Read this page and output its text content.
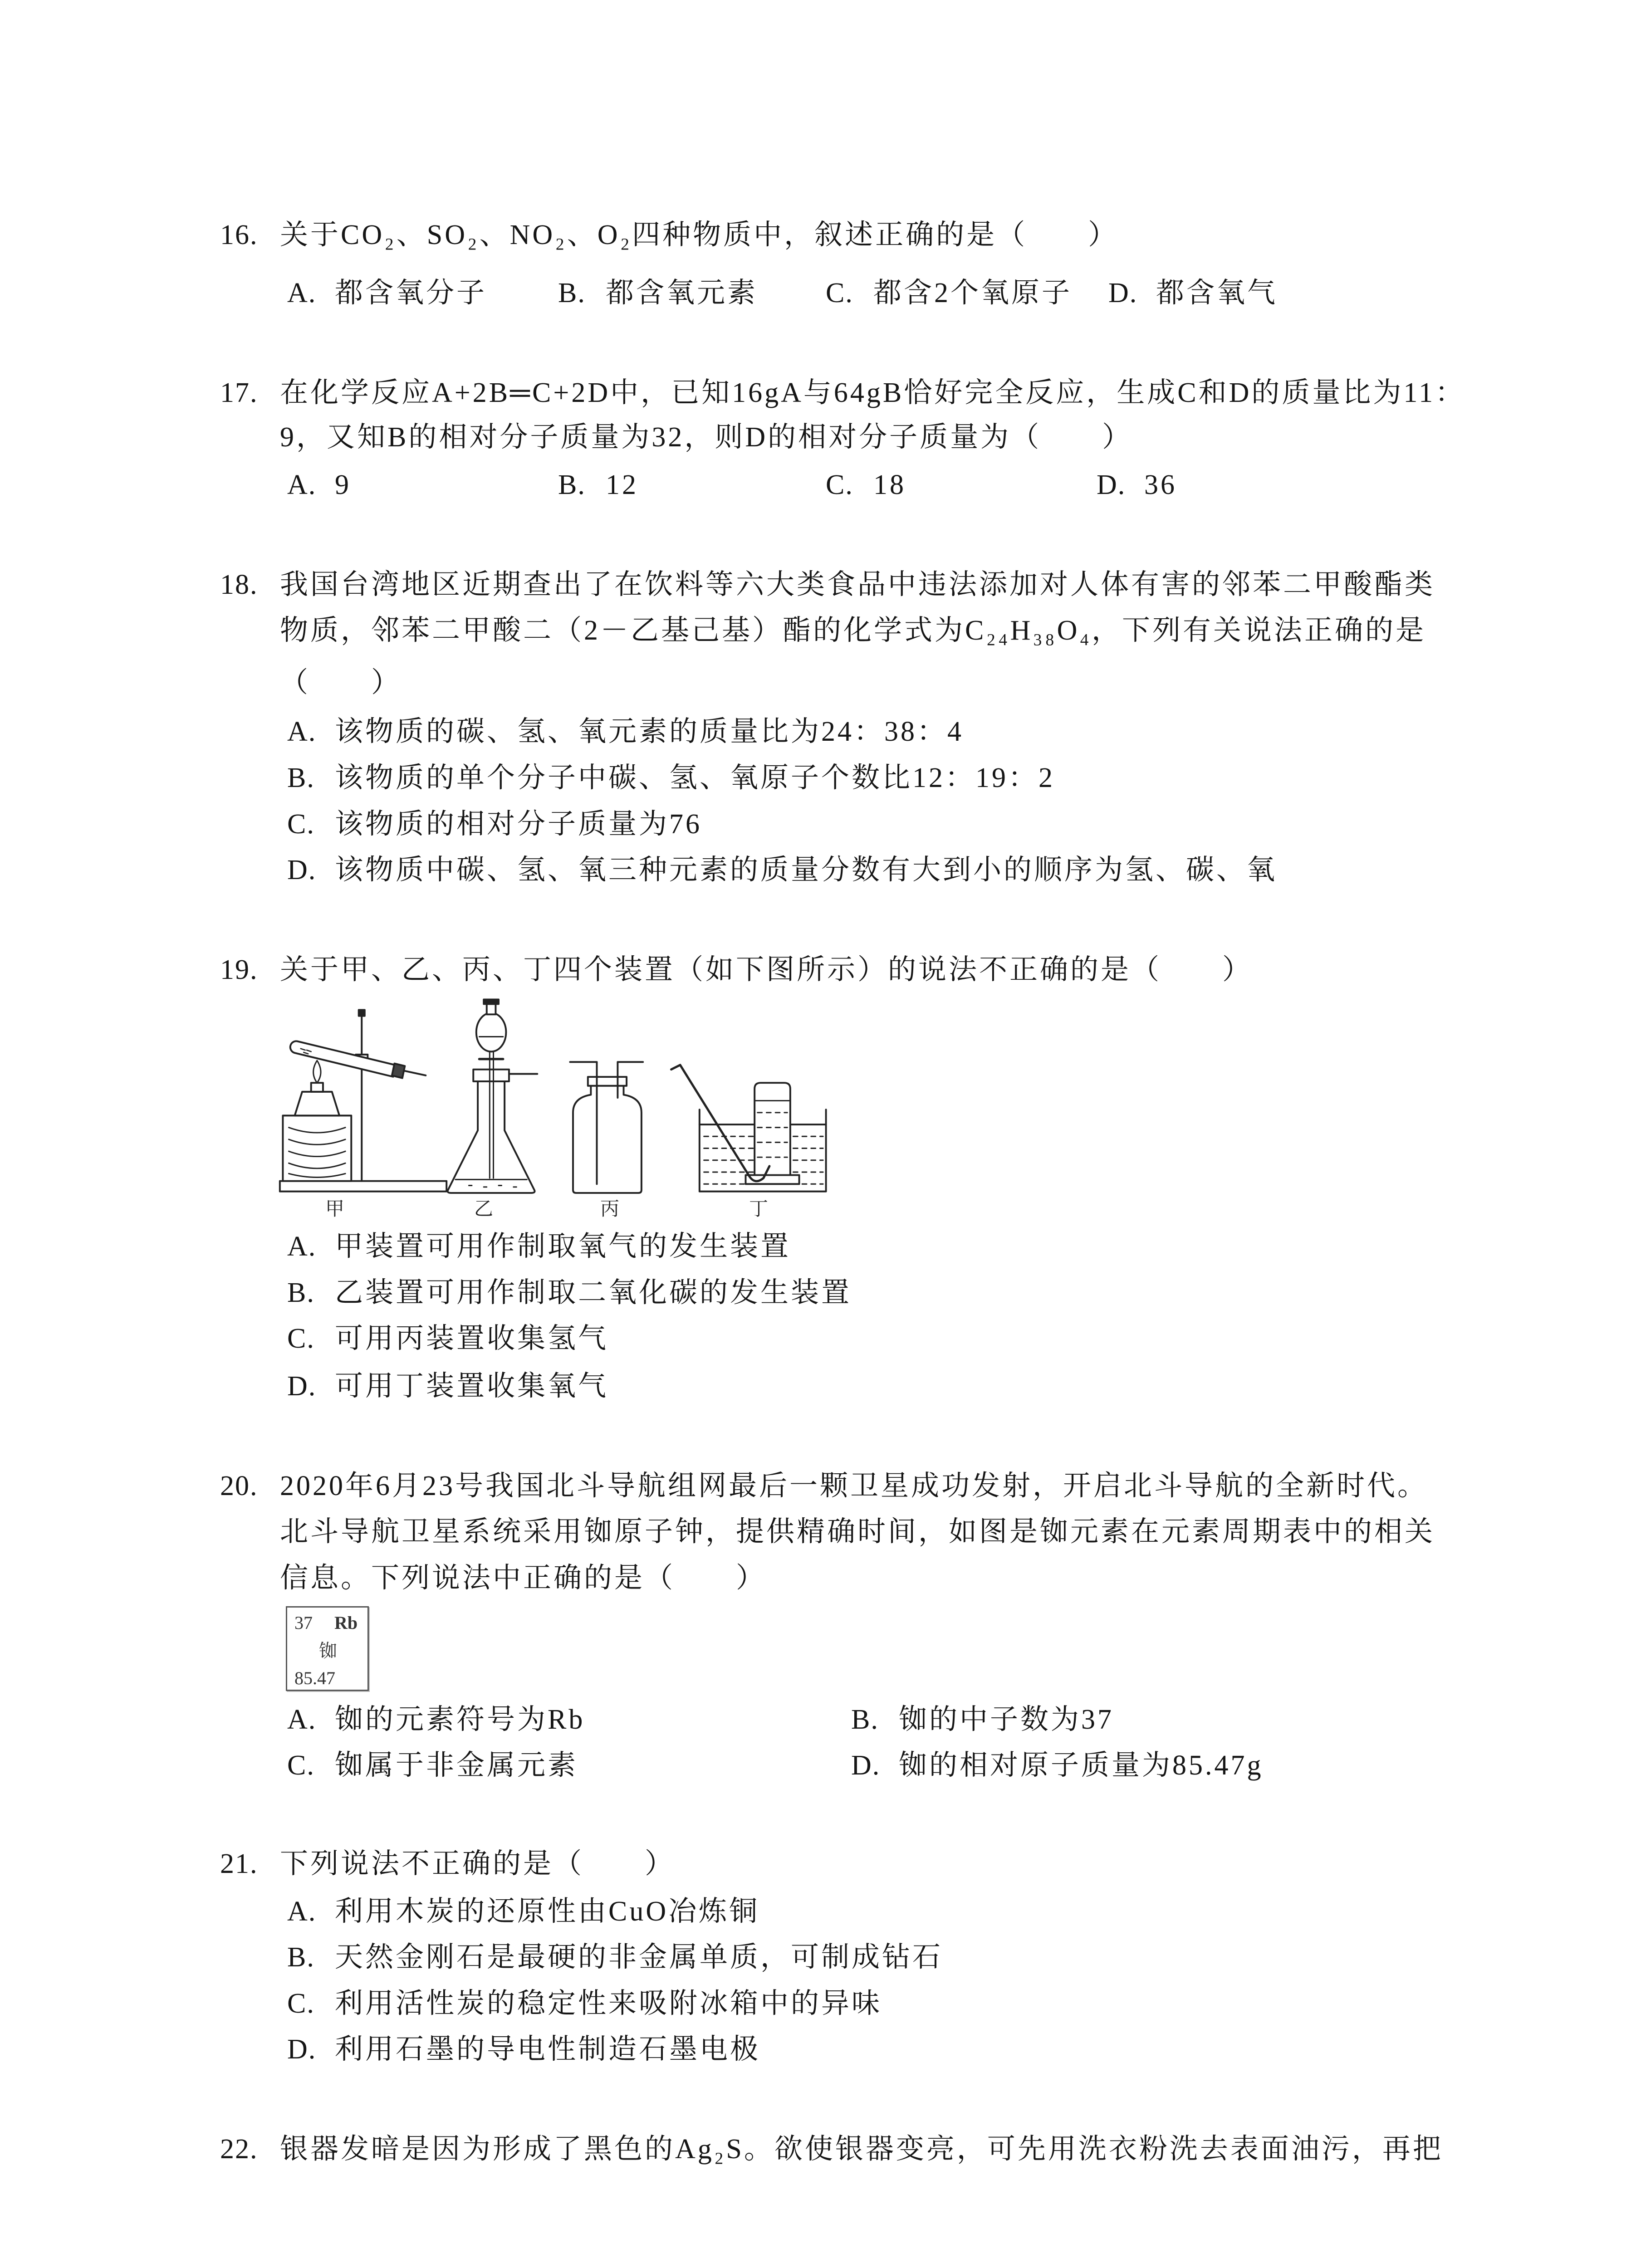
16. 关于CO₂、SO₂、NO₂、O₂四种物质中，叙述正确的是（　　）
A. 都含氧分子	B. 都含氧元素 C. 都含2个氧原子 D. 都含氧气
17. 在化学反应A+2B═C+2D中，已知16gA与64gB恰好完全反应，生成C和D的质量比为11：
9，又知B的相对分子质量为32，则D的相对分子质量为（　　）
A. 9	B. 12	C. 18	D. 36
18. 我国台湾地区近期查出了在饮料等六大类食品中违法添加对人体有害的邻苯二甲酸酯类
物质，邻苯二甲酸二（2－乙基己基）酯的化学式为C₂₄H₃₈O₄，下列有关说法正确的是
（　　）
A. 该物质的碳、氢、氧元素的质量比为24：38：4
B. 该物质的单个分子中碳、氢、氧原子个数比12：19：2
C. 该物质的相对分子质量为76
D. 该物质中碳、氢、氧三种元素的质量分数有大到小的顺序为氢、碳、氧
19. 关于甲、乙、丙、丁四个装置（如下图所示）的说法不正确的是（　　）
甲	乙	丙	丁
A. 甲装置可用作制取氧气的发生装置
B. 乙装置可用作制取二氧化碳的发生装置
C. 可用丙装置收集氢气
D. 可用丁装置收集氧气
20. 2020年6月23号我国北斗导航组网最后一颗卫星成功发射，开启北斗导航的全新时代。
北斗导航卫星系统采用铷原子钟，提供精确时间，如图是铷元素在元素周期表中的相关
信息。下列说法中正确的是（　　）
37 Rb
铷
85.47
A. 铷的元素符号为Rb	B. 铷的中子数为37
C. 铷属于非金属元素	D. 铷的相对原子质量为85.47g
21. 下列说法不正确的是（　　）
A. 利用木炭的还原性由CuO冶炼铜
B. 天然金刚石是最硬的非金属单质，可制成钻石
C. 利用活性炭的稳定性来吸附冰箱中的异味
D. 利用石墨的导电性制造石墨电极
22. 银器发暗是因为形成了黑色的Ag₂S。欲使银器变亮，可先用洗衣粉洗去表面油污，再把
